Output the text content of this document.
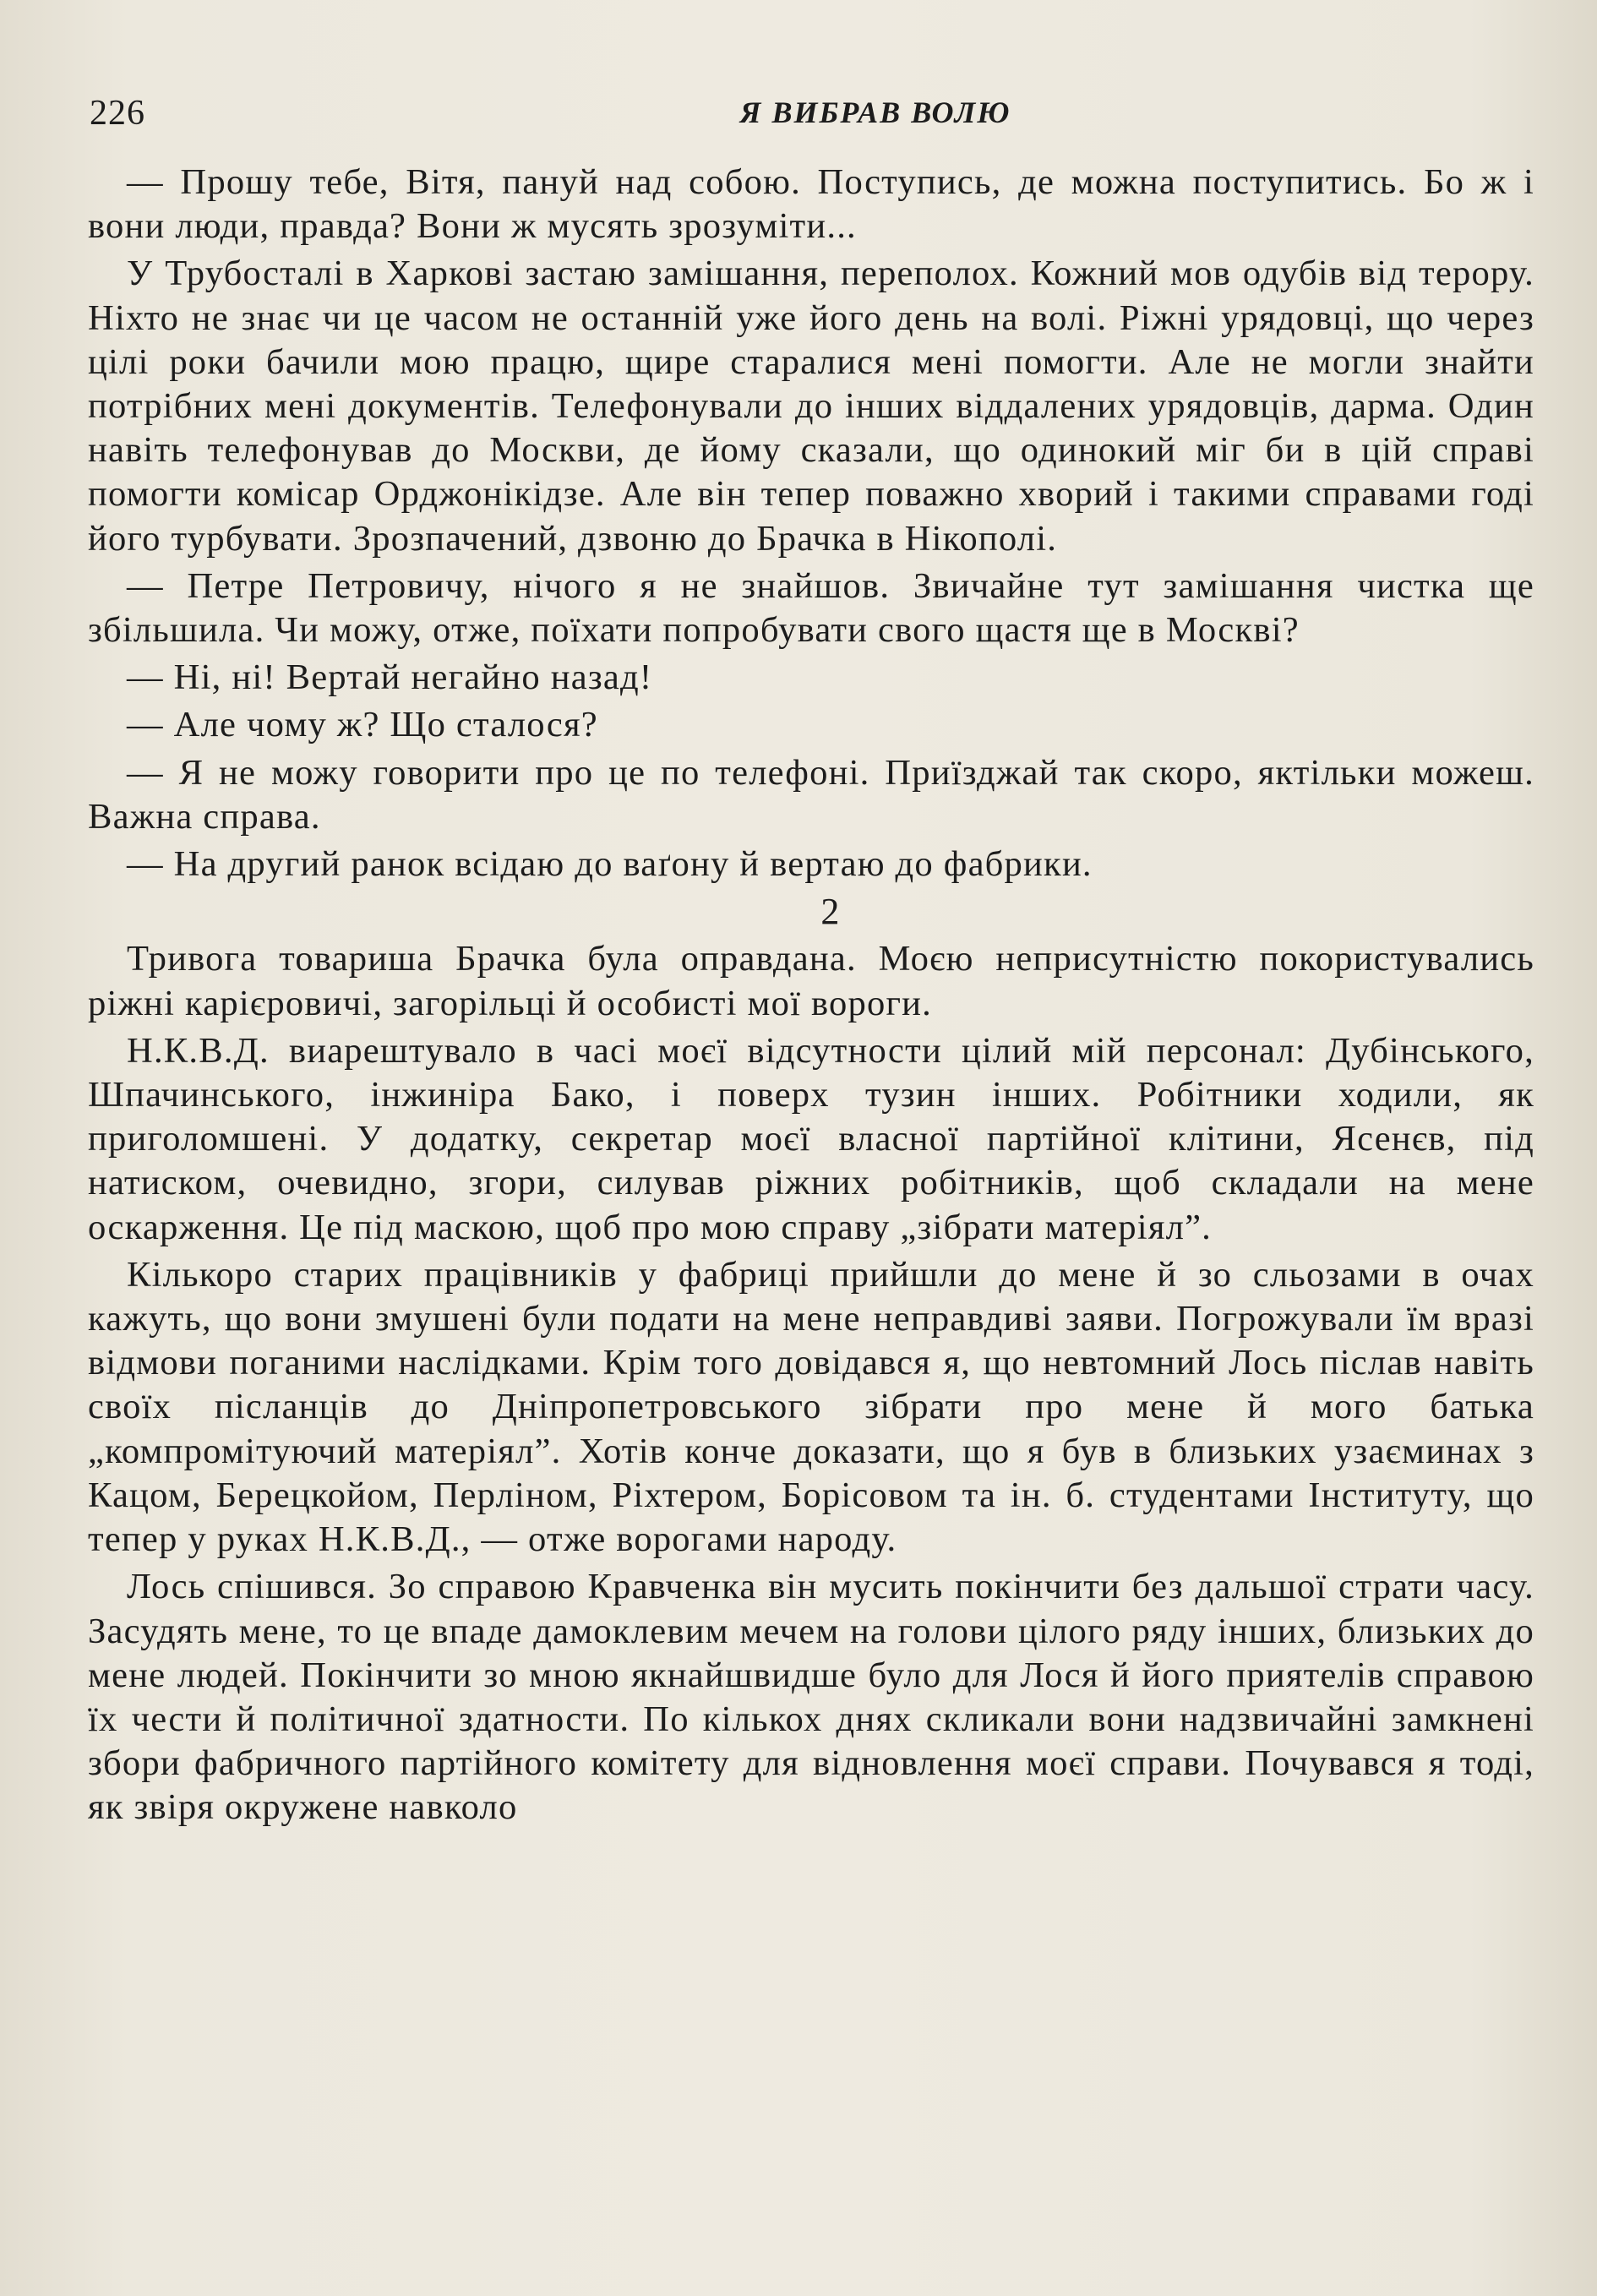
226	Я ВИБРАВ ВОЛЮ

— Прошу тебе, Вітя, пануй над собою. Поступись, де можна поступитись. Бо ж і вони люди, правда? Вони ж мусять зрозуміти...

У Трубосталі в Харкові застаю замішання, переполох. Кожний мов одубів від терору. Ніхто не знає чи це часом не останній уже його день на волі. Ріжні урядовці, що через цілі роки бачили мою працю, щире старалися мені помогти. Але не могли знайти потрібних мені документів. Телефонували до інших віддалених урядовців, дарма. Один навіть телефонував до Москви, де йому сказали, що одинокий міг би в цій справі помогти комісар Орджонікідзе. Але він тепер поважно хворий і такими справами годі його турбувати. Зрозпачений, дзвоню до Брачка в Нікополі.

— Петре Петровичу, нічого я не знайшов. Звичайне тут замішання чистка ще збільшила. Чи можу, отже, поїхати попробувати свого щастя ще в Москві?

— Ні, ні! Вертай негайно назад!

— Але чому ж? Що сталося?

— Я не можу говорити про це по телефоні. Приїзджай так скоро, яктільки можеш. Важна справа.

— На другий ранок всідаю до ваґону й вертаю до фабрики.

2

Тривога товариша Брачка була оправдана. Моєю неприсутністю покористувались ріжні карієровичі, загорільці й особисті мої вороги.

Н.К.В.Д. виарештувало в часі моєї відсутности цілий мій персонал: Дубінського, Шпачинського, інжиніра Бако, і поверх тузин інших. Робітники ходили, як приголомшені. У додатку, секретар моєї власної партійної клітини, Ясенєв, під натиском, очевидно, згори, силував ріжних робітників, щоб складали на мене оскарження. Це під маскою, щоб про мою справу „зібрати матеріял”.

Кількоро старих працівників у фабриці прийшли до мене й зо сльозами в очах кажуть, що вони змушені були подати на мене неправдиві заяви. Погрожували їм вразі відмови поганими наслідками. Крім того довідався я, що невтомний Лось післав навіть своїх післанців до Дніпропетровського зібрати про мене й мого батька „компромітуючий матеріял”. Хотів конче доказати, що я був в близьких узаєминах з Кацом, Берецкойом, Перліном, Ріхтером, Борісовом та ін. б. студентами Інституту, що тепер у руках Н.К.В.Д., — отже ворогами народу.

Лось спішився. Зо справою Кравченка він мусить покінчити без дальшої страти часу. Засудять мене, то це впаде дамоклевим мечем на голови цілого ряду інших, близьких до мене людей. Покінчити зо мною якнайшвидше було для Лося й його приятелів справою їх чести й політичної здатности. По кількох днях скликали вони надзвичайні замкнені збори фабричного партійного комітету для відновлення моєї справи. Почувався я тоді, як звіря окружене навколо
